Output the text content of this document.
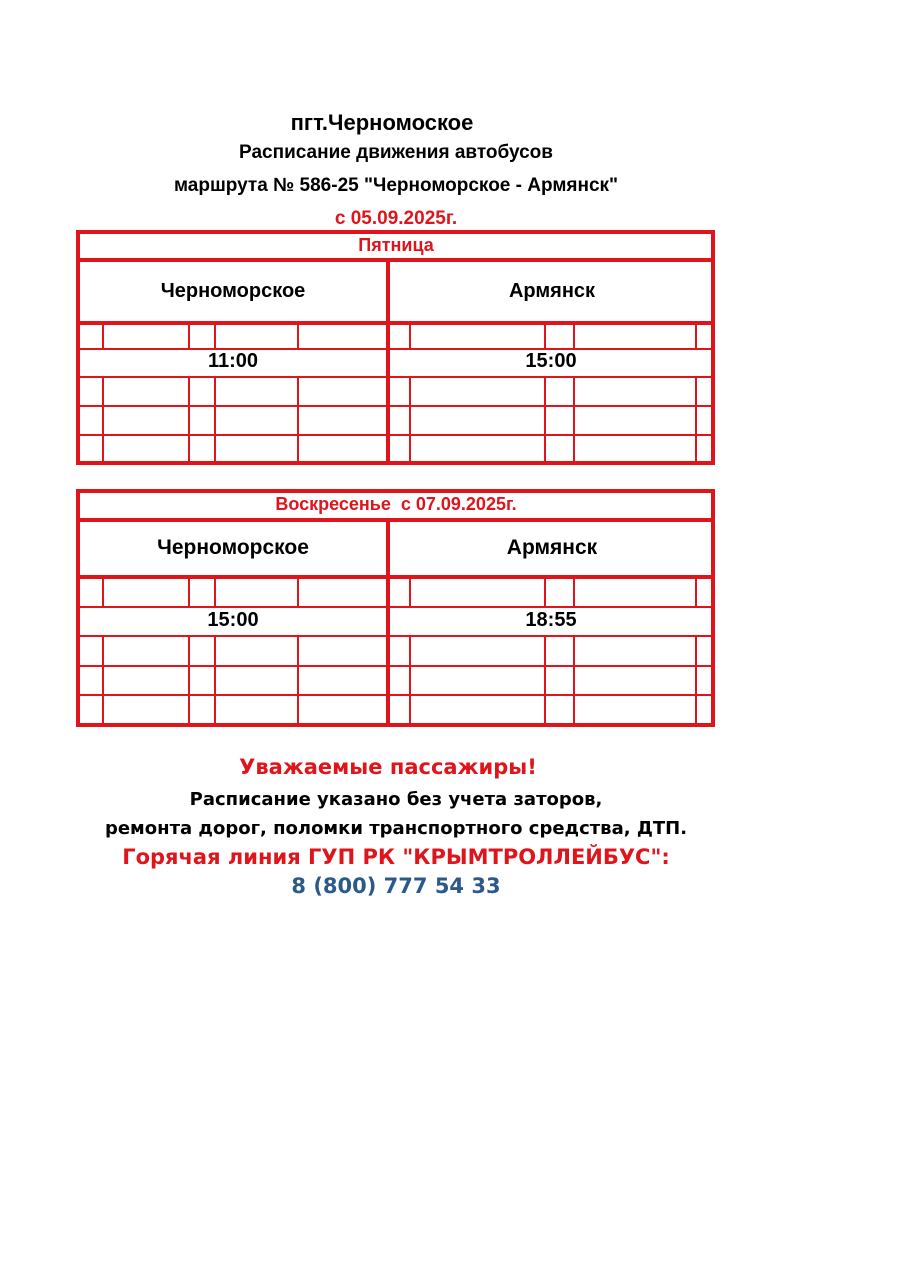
пгт.Черномоское
Расписание движения автобусов
маршрута № 586-25 "Черноморское - Армянск"
с 05.09.2025г.
Пятница
Черноморское	Армянск
11:00	15:00
Воскресенье  с 07.09.2025г.
Черноморское	Армянск
15:00	18:55
Уважаемые пассажиры!
Расписание указано без учета заторов,
ремонта дорог, поломки транспортного средства, ДТП.
Горячая линия ГУП РК "КРЫМТРОЛЛЕЙБУС":
8 (800) 777 54 33
